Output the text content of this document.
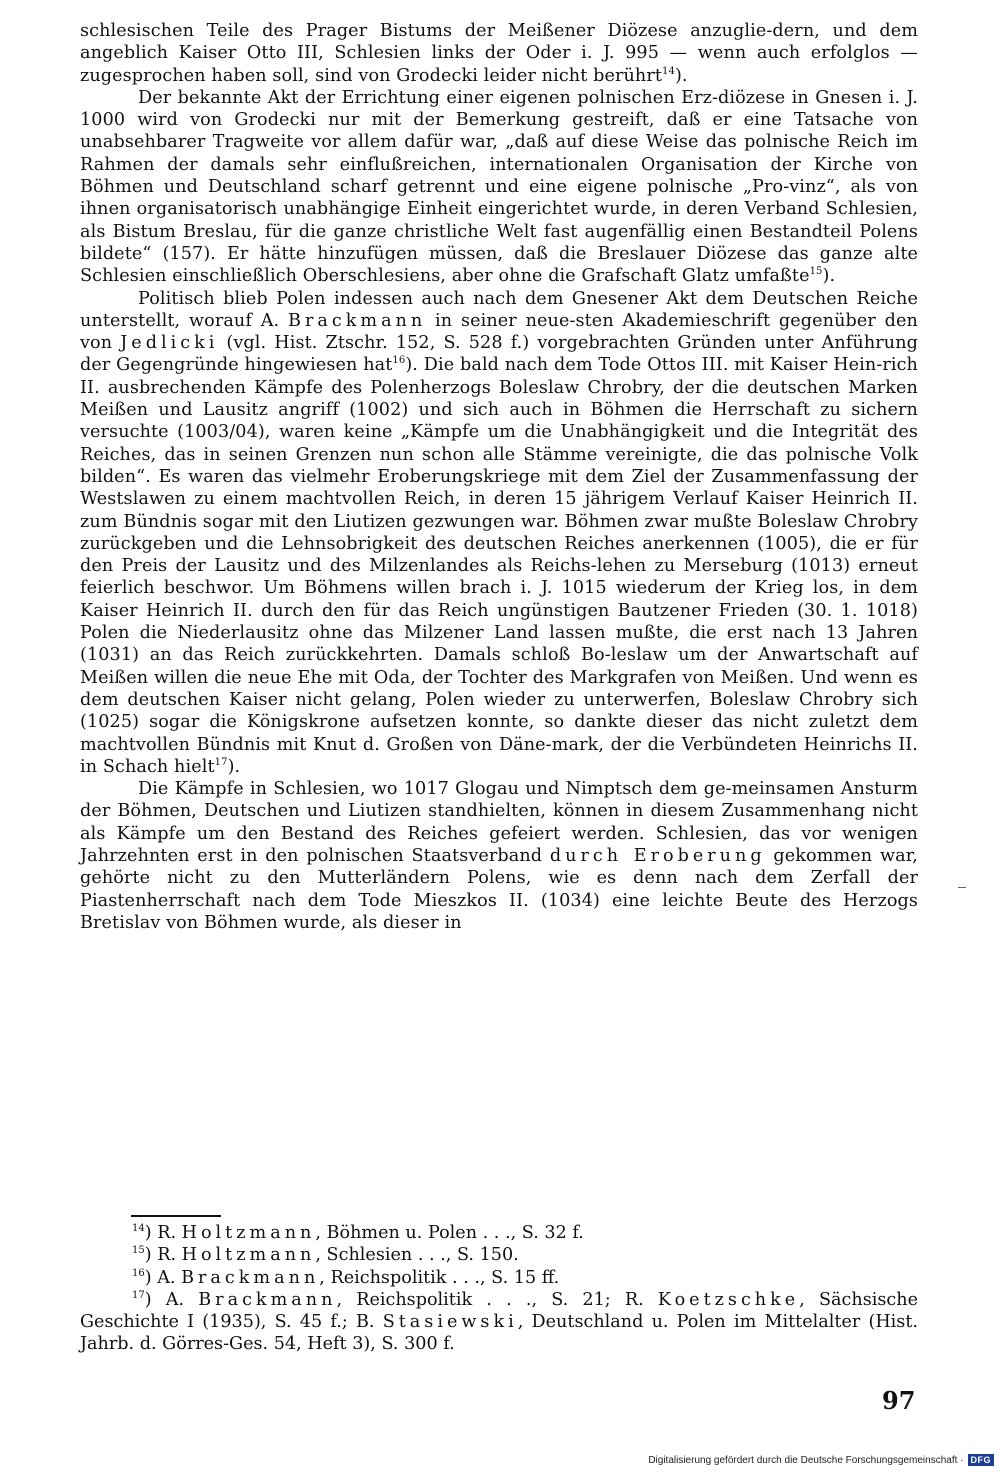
schlesischen Teile des Prager Bistums der Meißener Diözese anzuglie-dern, und dem angeblich Kaiser Otto III, Schlesien links der Oder i. J. 995 — wenn auch erfolglos — zugesprochen haben soll, sind von Grodecki leider nicht berührt$^{14}$).

Der bekannte Akt der Errichtung einer eigenen polnischen Erz-diözese in Gnesen i. J. 1000 wird von Grodecki nur mit der Bemerkung gestreift, daß er eine Tatsache von unabsehbarer Tragweite vor allem dafür war, „daß auf diese Weise das polnische Reich im Rahmen der damals sehr einflußreichen, internationalen Organisation der Kirche von Böhmen und Deutschland scharf getrennt und eine eigene polnische „Pro-vinz“, als von ihnen organisatorisch unabhängige Einheit eingerichtet wurde, in deren Verband Schlesien, als Bistum Breslau, für die ganze christliche Welt fast augenfällig einen Bestandteil Polens bildete“ (157). Er hätte hinzufügen müssen, daß die Breslauer Diözese das ganze alte Schlesien einschließlich Oberschlesiens, aber ohne die Grafschaft Glatz umfaßte$^{15}$).

Politisch blieb Polen indessen auch nach dem Gnesener Akt dem Deutschen Reiche unterstellt, worauf A. Brackmann in seiner neue-sten Akademieschrift gegenüber den von Jedlicki (vgl. Hist. Ztschr. 152, S. 528 f.) vorgebrachten Gründen unter Anführung der Gegengründe hingewiesen hat$^{16}$). Die bald nach dem Tode Ottos III. mit Kaiser Hein-rich II. ausbrechenden Kämpfe des Polenherzogs Boleslaw Chrobry, der die deutschen Marken Meißen und Lausitz angriff (1002) und sich auch in Böhmen die Herrschaft zu sichern versuchte (1003/04), waren keine „Kämpfe um die Unabhängigkeit und die Integrität des Reiches, das in seinen Grenzen nun schon alle Stämme vereinigte, die das polnische Volk bilden“. Es waren das vielmehr Eroberungskriege mit dem Ziel der Zusammenfassung der Westslawen zu einem machtvollen Reich, in deren 15 jährigem Verlauf Kaiser Heinrich II. zum Bündnis sogar mit den Liutizen gezwungen war. Böhmen zwar mußte Boleslaw Chrobry zurückgeben und die Lehnsobrigkeit des deutschen Reiches anerkennen (1005), die er für den Preis der Lausitz und des Milzenlandes als Reichs-lehen zu Merseburg (1013) erneut feierlich beschwor. Um Böhmens willen brach i. J. 1015 wiederum der Krieg los, in dem Kaiser Heinrich II. durch den für das Reich ungünstigen Bautzener Frieden (30. 1. 1018) Polen die Niederlausitz ohne das Milzener Land lassen mußte, die erst nach 13 Jahren (1031) an das Reich zurückkehrten. Damals schloß Bo-leslaw um der Anwartschaft auf Meißen willen die neue Ehe mit Oda, der Tochter des Markgrafen von Meißen. Und wenn es dem deutschen Kaiser nicht gelang, Polen wieder zu unterwerfen, Boleslaw Chrobry sich (1025) sogar die Königskrone aufsetzen konnte, so dankte dieser das nicht zuletzt dem machtvollen Bündnis mit Knut d. Großen von Däne-mark, der die Verbündeten Heinrichs II. in Schach hielt$^{17}$).

Die Kämpfe in Schlesien, wo 1017 Glogau und Nimptsch dem ge-meinsamen Ansturm der Böhmen, Deutschen und Liutizen standhielten, können in diesem Zusammenhang nicht als Kämpfe um den Bestand des Reiches gefeiert werden. Schlesien, das vor wenigen Jahrzehnten erst in den polnischen Staatsverband durch Eroberung gekommen war, gehörte nicht zu den Mutterländern Polens, wie es denn nach dem Zerfall der Piastenherrschaft nach dem Tode Mieszkos II. (1034) eine leichte Beute des Herzogs Bretislav von Böhmen wurde, als dieser in

$^{14}$) R. Holtzmann, Böhmen u. Polen . . ., S. 32 f.

$^{15}$) R. Holtzmann, Schlesien . . ., S. 150.

$^{16}$) A. Brackmann, Reichspolitik . . ., S. 15 ff.

$^{17}$) A. Brackmann, Reichspolitik . . ., S. 21; R. Koetzschke, Sächsische Geschichte I (1935), S. 45 f.; B. Stasiewski, Deutschland u. Polen im Mittelalter (Hist. Jahrb. d. Görres-Ges. 54, Heft 3), S. 300 f.

97
Digitalisierung gefördert durch die Deutsche Forschungsgemeinschaft · DFG
